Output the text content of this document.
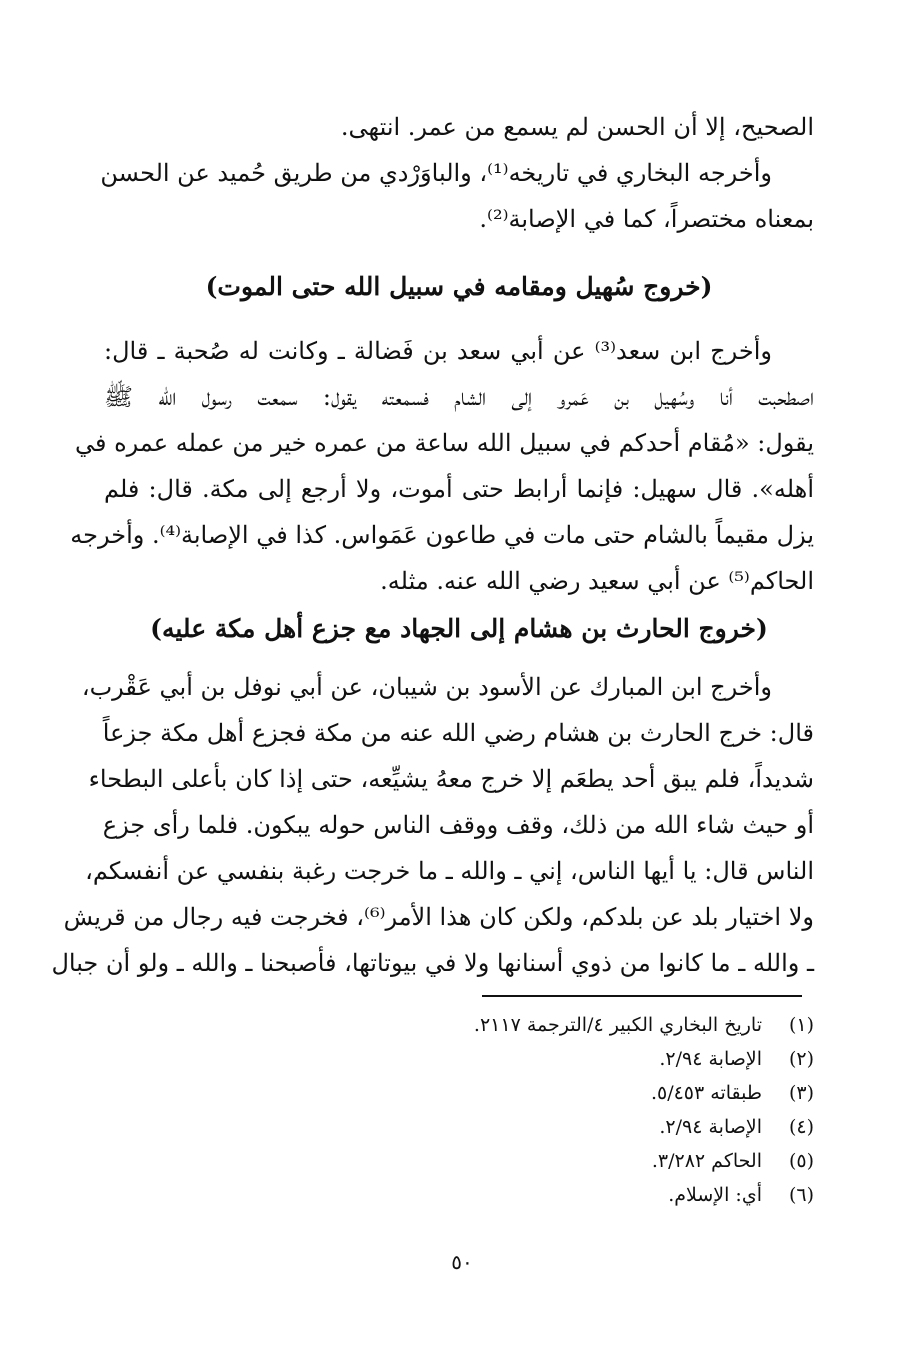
الصحيح، إلا أن الحسن لم يسمع من عمر. انتهى.
وأخرجه البخاري في تاريخه⁽¹⁾، والباوَرْدي من طريق حُميد عن الحسن
بمعناه مختصراً، كما في الإصابة⁽²⁾.
(خروج سُهيل ومقامه في سبيل الله حتى الموت)
وأخرج ابن سعد⁽³⁾ عن أبي سعد بن فَضالة ـ وكانت له صُحبة ـ قال:
اصطحبت أنا وسُهيل بن عَمرو إلى الشام فسمعته يقول: سمعت رسول الله ﷺ
يقول: «مُقام أحدكم في سبيل الله ساعة من عمره خير من عمله عمره في
أهله». قال سهيل: فإنما أرابط حتى أموت، ولا أرجع إلى مكة. قال: فلم
يزل مقيماً بالشام حتى مات في طاعون عَمَواس. كذا في الإصابة⁽⁴⁾. وأخرجه
الحاكم⁽⁵⁾ عن أبي سعيد رضي الله عنه. مثله.
(خروج الحارث بن هشام إلى الجهاد مع جزع أهل مكة عليه)
وأخرج ابن المبارك عن الأسود بن شيبان، عن أبي نوفل بن أبي عَقْرب،
قال: خرج الحارث بن هشام رضي الله عنه من مكة فجزع أهل مكة جزعاً
شديداً، فلم يبق أحد يطعَم إلا خرج معهُ يشيِّعه، حتى إذا كان بأعلى البطحاء
أو حيث شاء الله من ذلك، وقف ووقف الناس حوله يبكون. فلما رأى جزع
الناس قال: يا أيها الناس، إني ـ والله ـ ما خرجت رغبة بنفسي عن أنفسكم،
ولا اختيار بلد عن بلدكم، ولكن كان هذا الأمر⁽⁶⁾، فخرجت فيه رجال من قريش
ـ والله ـ ما كانوا من ذوي أسنانها ولا في بيوتاتها، فأصبحنا ـ والله ـ ولو أن جبال
(١)
تاريخ البخاري الكبير ٤/الترجمة ٢١١٧.
(٢)
الإصابة ٢/٩٤.
(٣)
طبقاته ٥/٤٥٣.
(٤)
الإصابة ٢/٩٤.
(٥)
الحاكم ٣/٢٨٢.
(٦)
أي: الإسلام.
٥٠
